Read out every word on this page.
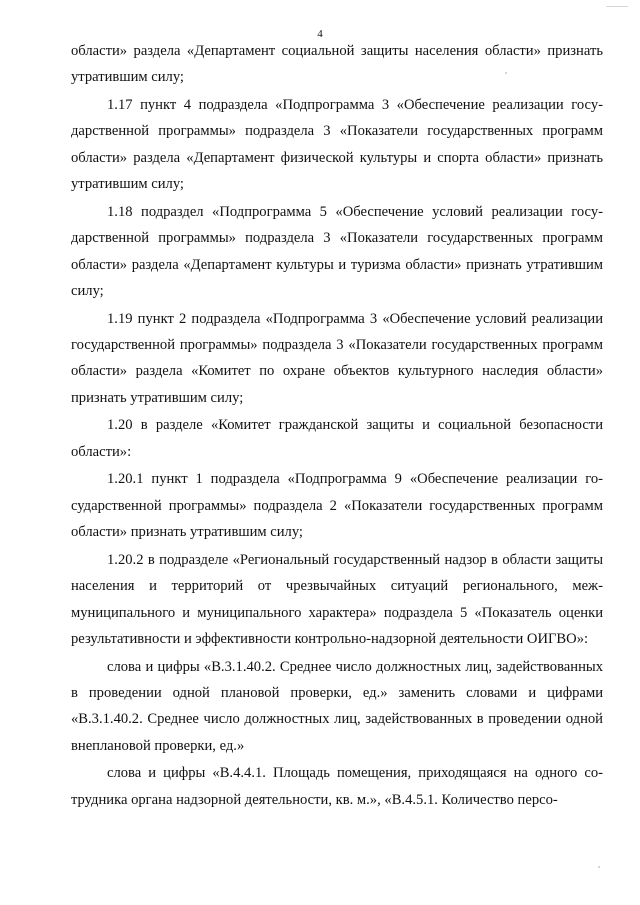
4

области» раздела «Департамент социальной защиты населения области» признать утратившим силу;

1.17 пункт 4 подраздела «Подпрограмма 3 «Обеспечение реализации государственной программы» подраздела 3 «Показатели государственных программ области» раздела «Департамент физической культуры и спорта области» признать утратившим силу;

1.18 подраздел «Подпрограмма 5 «Обеспечение условий реализации государственной программы» подраздела 3 «Показатели государственных программ области» раздела «Департамент культуры и туризма области» признать утратившим силу;

1.19 пункт 2 подраздела «Подпрограмма 3 «Обеспечение условий реализации государственной программы» подраздела 3 «Показатели государственных программ области» раздела «Комитет по охране объектов культурного наследия области» признать утратившим силу;

1.20 в разделе «Комитет гражданской защиты и социальной безопасности области»:

1.20.1 пункт 1 подраздела «Подпрограмма 9 «Обеспечение реализации государственной программы» подраздела 2 «Показатели государственных программ области» признать утратившим силу;

1.20.2 в подразделе «Региональный государственный надзор в области защиты населения и территорий от чрезвычайных ситуаций регионального, межмуниципального и муниципального характера» подраздела 5 «Показатель оценки результативности и эффективности контрольно-надзорной деятельности ОИГВО»:

слова и цифры «В.3.1.40.2. Среднее число должностных лиц, задействованных в проведении одной плановой проверки, ед.» заменить словами и цифрами «В.3.1.40.2. Среднее число должностных лиц, задействованных в проведении одной внеплановой проверки, ед.»

слова и цифры «В.4.4.1. Площадь помещения, приходящаяся на одного сотрудника органа надзорной деятельности, кв. м.», «В.4.5.1. Количество персо-
